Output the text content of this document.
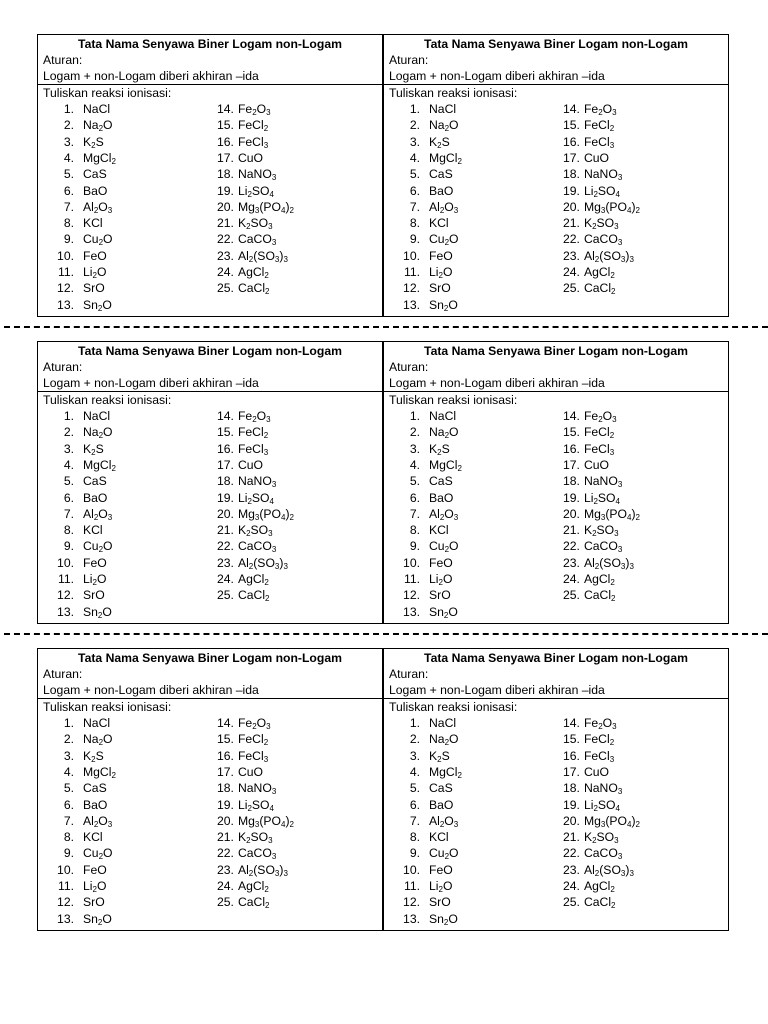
Tata Nama Senyawa Biner Logam non-Logam
Aturan:
Logam + non-Logam diberi akhiran –ida
Tuliskan reaksi ionisasi:
1. NaCl
2. $Na_2O$
3. $K_2S$
4. MgCl$_2$
5. CaS
6. BaO
7. $Al_2O_3$
8. KCl
9. $Cu_2O$
10. FeO
11. $Li_2O$
12. SrO
13. $Sn_2O$
14. $Fe_2O_3$
15. FeCl$_2$
16. FeCl$_3$
17. CuO
18. NaNO$_3$
19. $Li_2SO_4$
20. $Mg_3(PO_4)_2$
21. $K_2SO_3$
22. CaCO$_3$
23. $Al_2(SO_3)_3$
24. AgCl$_2$
25. CaCl$_2$
Tata Nama Senyawa Biner Logam non-Logam
Aturan:
Logam + non-Logam diberi akhiran –ida
Tuliskan reaksi ionisasi:
1. NaCl
2. $Na_2O$
3. $K_2S$
4. MgCl$_2$
5. CaS
6. BaO
7. $Al_2O_3$
8. KCl
9. $Cu_2O$
10. FeO
11. $Li_2O$
12. SrO
13. $Sn_2O$
14. $Fe_2O_3$
15. FeCl$_2$
16. FeCl$_3$
17. CuO
18. NaNO$_3$
19. $Li_2SO_4$
20. $Mg_3(PO_4)_2$
21. $K_2SO_3$
22. CaCO$_3$
23. $Al_2(SO_3)_3$
24. AgCl$_2$
25. CaCl$_2$
Tata Nama Senyawa Biner Logam non-Logam
Aturan:
Logam + non-Logam diberi akhiran –ida
Tuliskan reaksi ionisasi:
1. NaCl
2. $Na_2O$
3. $K_2S$
4. MgCl$_2$
5. CaS
6. BaO
7. $Al_2O_3$
8. KCl
9. $Cu_2O$
10. FeO
11. $Li_2O$
12. SrO
13. $Sn_2O$
14. $Fe_2O_3$
15. FeCl$_2$
16. FeCl$_3$
17. CuO
18. NaNO$_3$
19. $Li_2SO_4$
20. $Mg_3(PO_4)_2$
21. $K_2SO_3$
22. CaCO$_3$
23. $Al_2(SO_3)_3$
24. AgCl$_2$
25. CaCl$_2$
Tata Nama Senyawa Biner Logam non-Logam
Aturan:
Logam + non-Logam diberi akhiran –ida
Tuliskan reaksi ionisasi:
1. NaCl
2. $Na_2O$
3. $K_2S$
4. MgCl$_2$
5. CaS
6. BaO
7. $Al_2O_3$
8. KCl
9. $Cu_2O$
10. FeO
11. $Li_2O$
12. SrO
13. $Sn_2O$
14. $Fe_2O_3$
15. FeCl$_2$
16. FeCl$_3$
17. CuO
18. NaNO$_3$
19. $Li_2SO_4$
20. $Mg_3(PO_4)_2$
21. $K_2SO_3$
22. CaCO$_3$
23. $Al_2(SO_3)_3$
24. AgCl$_2$
25. CaCl$_2$
Tata Nama Senyawa Biner Logam non-Logam
Aturan:
Logam + non-Logam diberi akhiran –ida
Tuliskan reaksi ionisasi:
1. NaCl
2. $Na_2O$
3. $K_2S$
4. MgCl$_2$
5. CaS
6. BaO
7. $Al_2O_3$
8. KCl
9. $Cu_2O$
10. FeO
11. $Li_2O$
12. SrO
13. $Sn_2O$
14. $Fe_2O_3$
15. FeCl$_2$
16. FeCl$_3$
17. CuO
18. NaNO$_3$
19. $Li_2SO_4$
20. $Mg_3(PO_4)_2$
21. $K_2SO_3$
22. CaCO$_3$
23. $Al_2(SO_3)_3$
24. AgCl$_2$
25. CaCl$_2$
Tata Nama Senyawa Biner Logam non-Logam
Aturan:
Logam + non-Logam diberi akhiran –ida
Tuliskan reaksi ionisasi:
1. NaCl
2. $Na_2O$
3. $K_2S$
4. MgCl$_2$
5. CaS
6. BaO
7. $Al_2O_3$
8. KCl
9. $Cu_2O$
10. FeO
11. $Li_2O$
12. SrO
13. $Sn_2O$
14. $Fe_2O_3$
15. FeCl$_2$
16. FeCl$_3$
17. CuO
18. NaNO$_3$
19. $Li_2SO_4$
20. $Mg_3(PO_4)_2$
21. $K_2SO_3$
22. CaCO$_3$
23. $Al_2(SO_3)_3$
24. AgCl$_2$
25. CaCl$_2$
